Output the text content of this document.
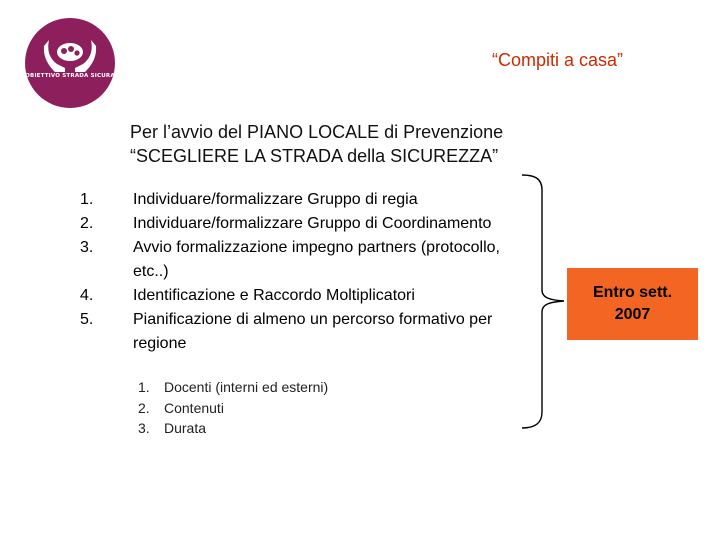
OBIETTIVO STRADA SICURA
“Compiti a casa”
Per l’avvio del PIANO LOCALE di Prevenzione
“SCEGLIERE LA STRADA della SICUREZZA”
1.	Individuare/formalizzare Gruppo di regia
2.	Individuare/formalizzare Gruppo di Coordinamento
3.	Avvio formalizzazione impegno partners (protocollo, etc..)
4.	Identificazione e Raccordo Moltiplicatori
5.	Pianificazione di almeno un percorso formativo per regione
1. Docenti (interni ed esterni)
2. Contenuti
3. Durata
Entro sett.
2007
